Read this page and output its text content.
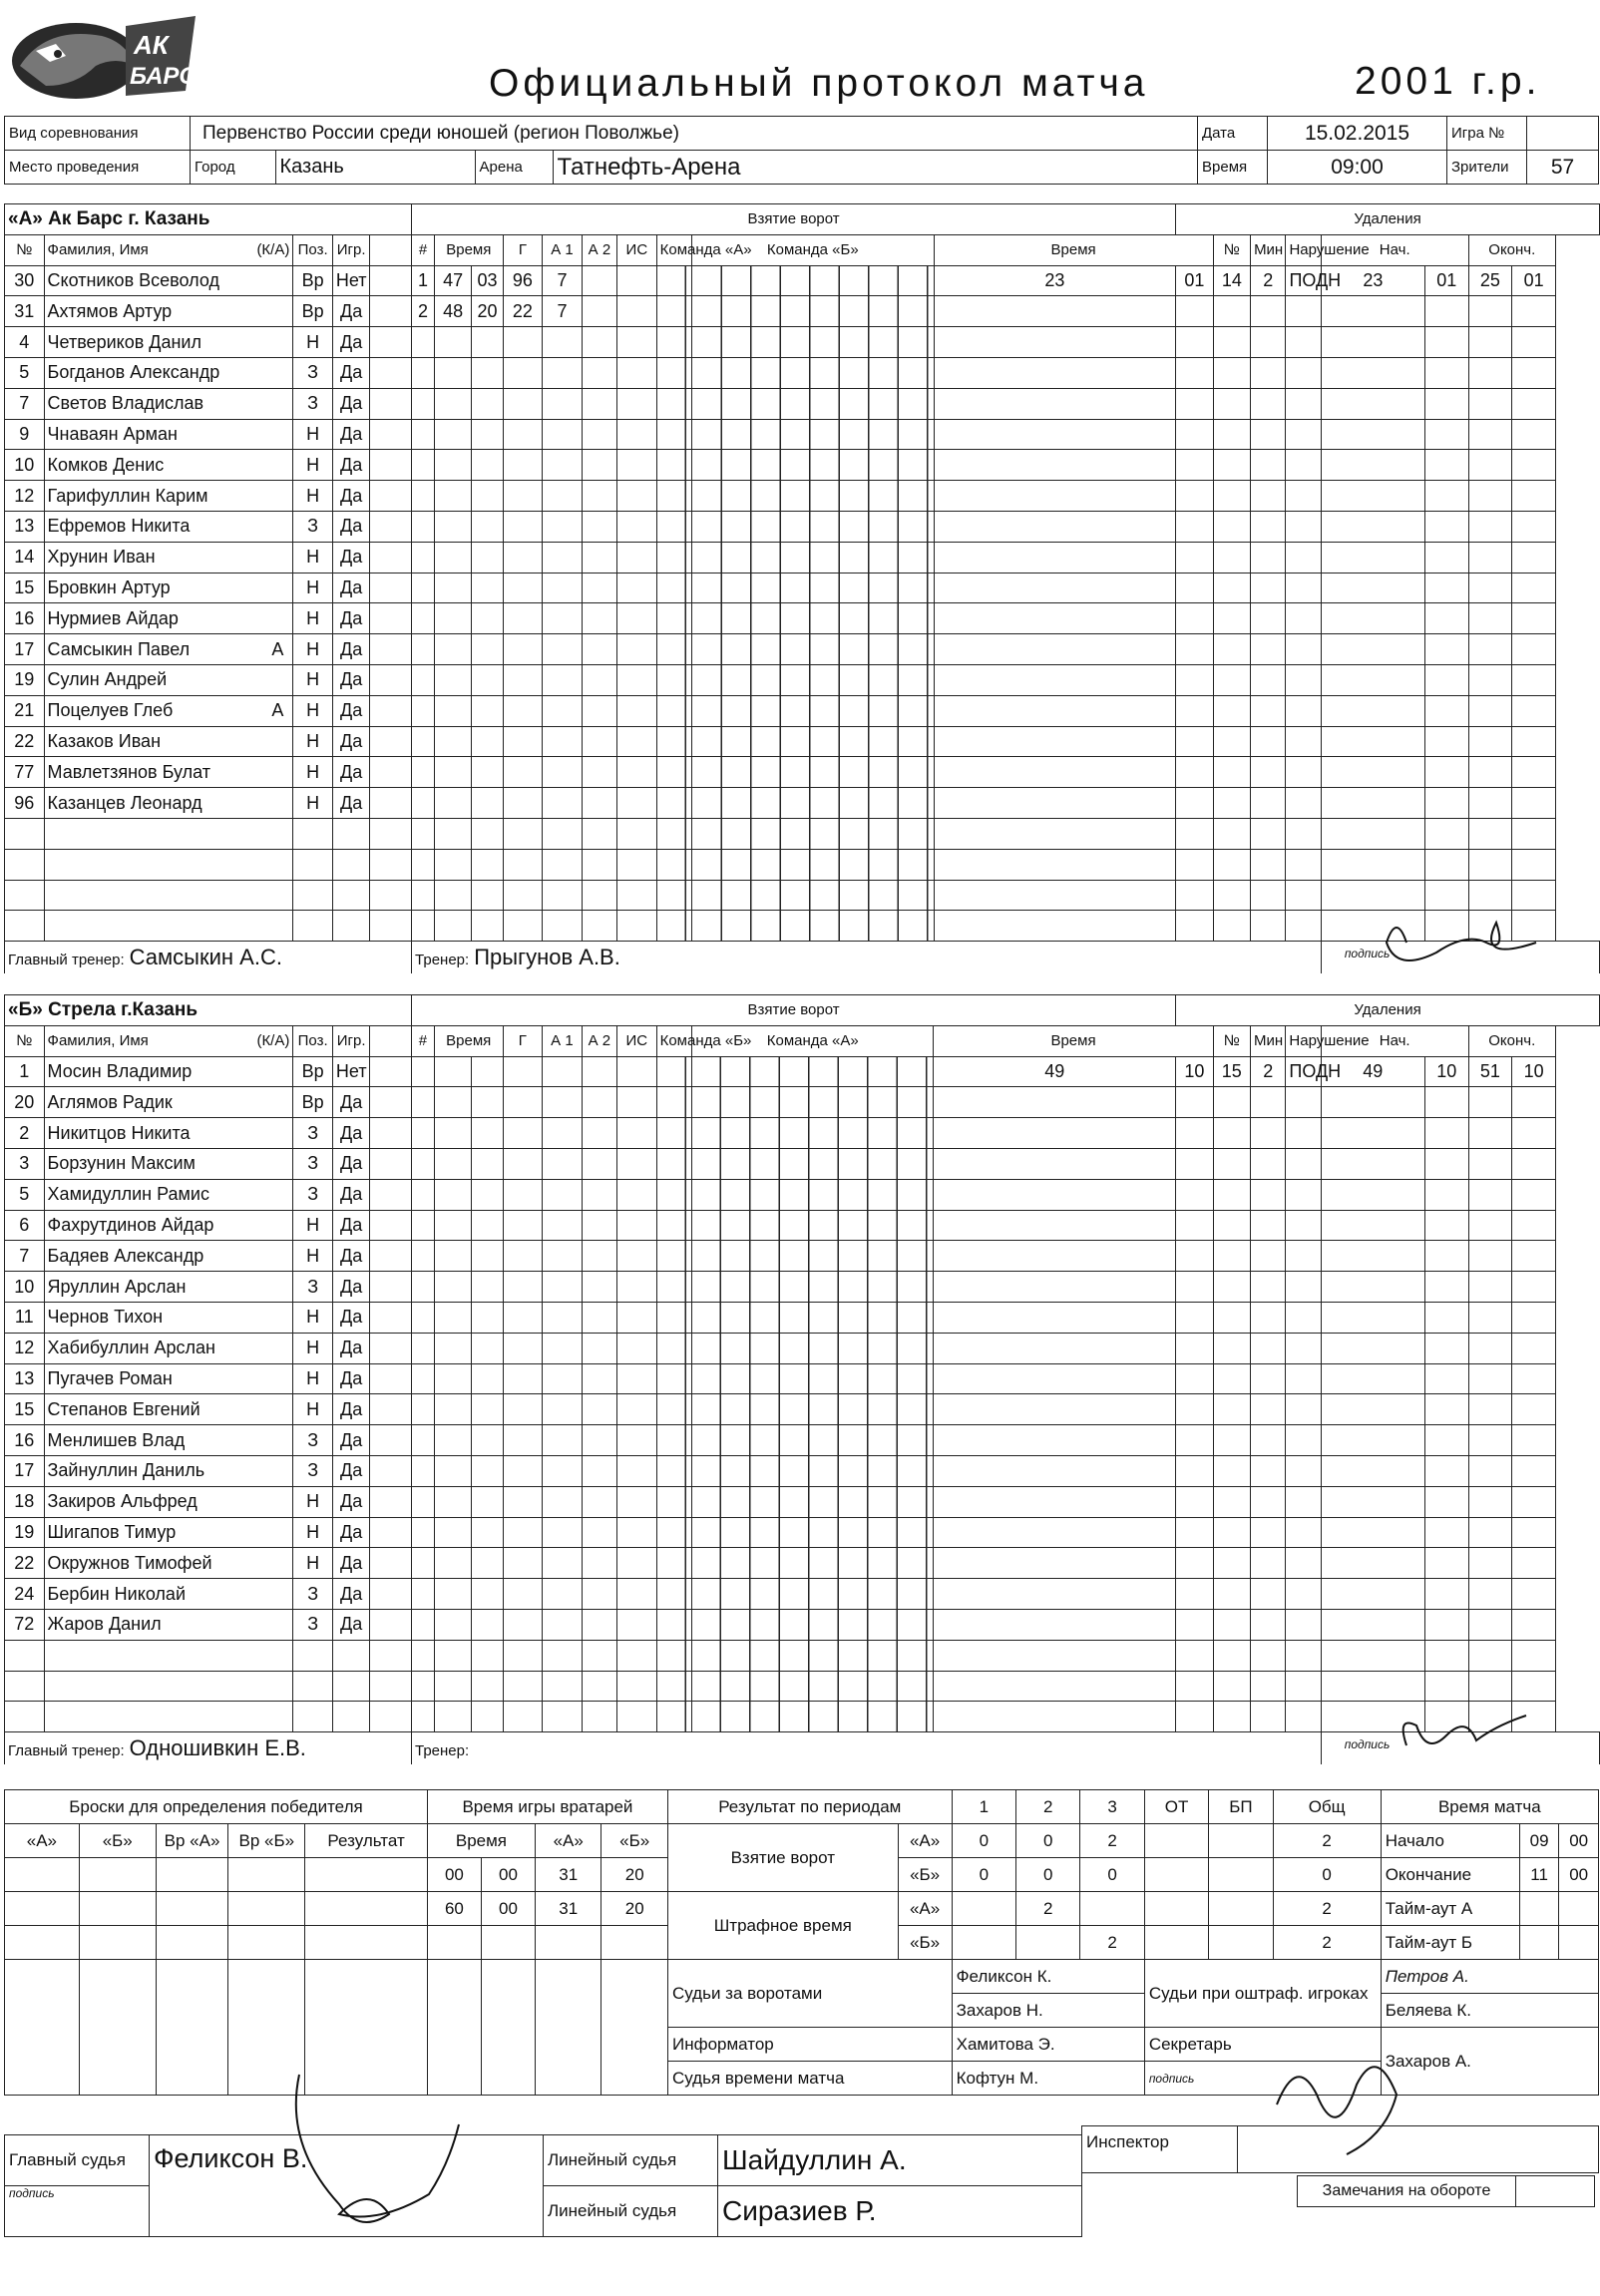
АК
БАРС	Официальный протокол матча	2001 г.р.
Вид соревнования	Первенство России среди юношей (регион Поволжье)	Дата	15.02.2015	Игра №	
Место проведения		Город	Казань	Арена	Татнефть-Арена
		Время	09:00	Зрители	57
«А» Ак Барс г. Казань					Взятие ворот										Удаления							
№	Фамилия, Имя (К/А)	Поз.	Игр.		#	Время		Г	А 1	А 2	ИС	Команда «А»	Команда «Б»	Время		№	Мин	Нарушение	Нач.		Оконч.	
30	Скотников Всеволод	Вр	Нет		1	47	03	96	7					23	01	14	2	ПОДН	23	01	25	01
31	Ахтямов Артур	Вр	Да		2	48	20	22	7													
4	Четвериков Данил	Н	Да																			
5	Богданов Александр	З	Да																			
7	Светов Владислав	З	Да																			
9	Чнаваян Арман	Н	Да																			
10	Комков Денис	Н	Да																			
12	Гарифуллин Карим	Н	Да																			
13	Ефремов Никита	З	Да																			
14	Хрунин Иван	Н	Да																			
15	Бровкин Артур	Н	Да																			
16	Нурмиев Айдар	Н	Да																			
17	Самсыкин Павел А	Н	Да																			
19	Сулин Андрей	Н	Да																			
21	Поцелуев Глеб А	Н	Да																			
22	Казаков Иван	Н	Да																			
77	Мавлетзянов Булат	Н	Да																			
96	Казанцев Леонард	Н	Да																			

Главный тренер: Самсыкин А.С.					Тренер: Прыгунов А.В.														подпись			
«Б» Стрела г.Казань					Взятие ворот										Удаления							
№	Фамилия, Имя (К/А)	Поз.	Игр.		#	Время		Г	А 1	А 2	ИС	Команда «Б»	Команда «А»	Время		№	Мин	Нарушение	Нач.		Оконч.	
1	Мосин Владимир	Вр	Нет											49	10	15	2	ПОДН	49	10	51	10
20	Аглямов Радик	Вр	Да																			
2	Никитцов Никита	З	Да																			
3	Борзунин Максим	З	Да																			
5	Хамидуллин Рамис	З	Да																			
6	Фахрутдинов Айдар	Н	Да																			
7	Бадяев Александр	Н	Да																			
10	Яруллин Арслан	З	Да																			
11	Чернов Тихон	Н	Да																			
12	Хабибуллин Арслан	Н	Да																			
13	Пугачев Роман	Н	Да																			
15	Степанов Евгений	Н	Да																			
16	Менлишев Влад	З	Да																			
17	Зайнуллин Даниль	З	Да																			
18	Закиров Альфред	Н	Да																			
19	Шигапов Тимур	Н	Да																			
22	Окружнов Тимофей	Н	Да																			
24	Бербин Николай	З	Да																			
72	Жаров Данил	З	Да																			

Главный тренер: Одношивкин Е.В.					Тренер:														подпись			
Броски для определения победителя					Время игры вратарей				Результат по периодам		1	2	3	ОТ	БП	Общ	Время матча		
«А»	«Б»	Вр «А»	Вр «Б»	Результат	Время		«А»	«Б»	Взятие ворот	«А»	0	0	2			2	Начало	09	00
					00	00	31	20		«Б»	0	0	0			0	Окончание	11	00
					60	00	31	20	Штрафное время	«А»		2				2	Тайм-аут А		
										«Б»			2			2	Тайм-аут Б		
									Судьи за воротами		Феликсон К.			Судьи при оштраф. игроках			Петров А.		
											Захаров Н.						Беляева К.		
									Информатор		Хамитова Э.			Секретарь			Захаров А.		
									Судья времени матча		Кофтун М.			подпись					
Главный судья	Феликсон В.	Линейный судья	Шайдуллин А.
подпись		Линейный судья	Сиразиев Р.
Инспектор	
Замечания на обороте
